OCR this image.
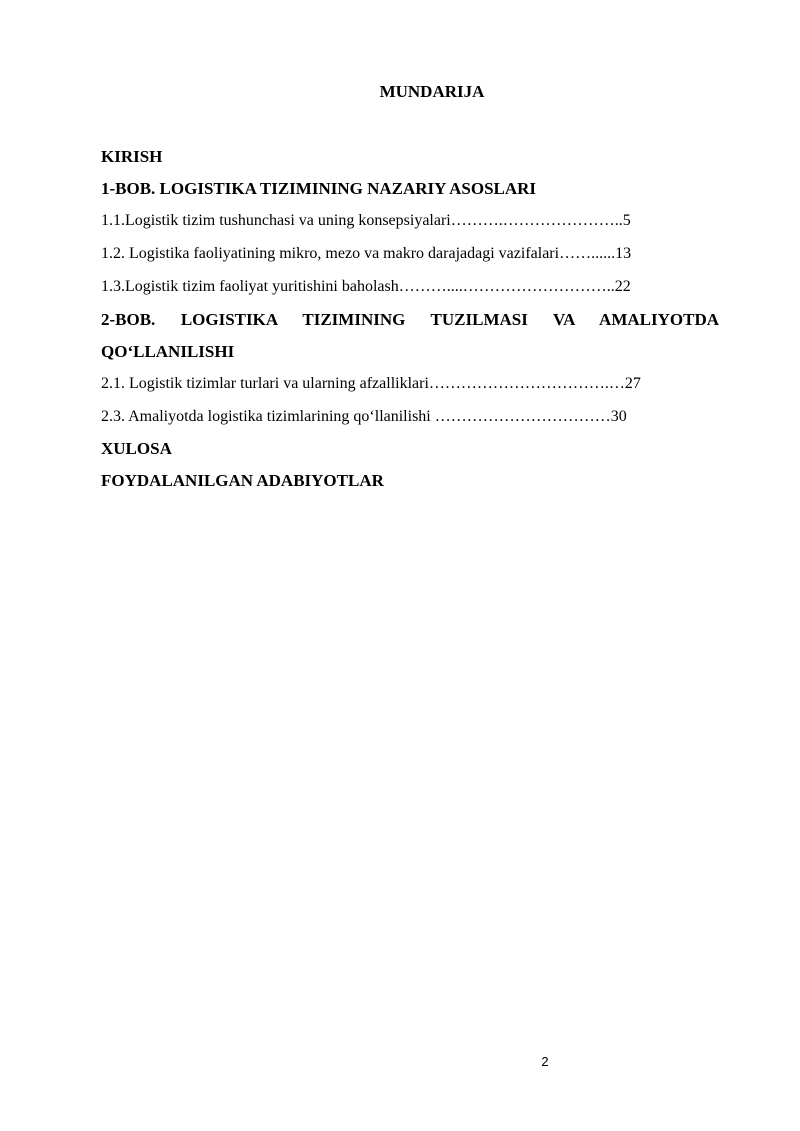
MUNDARIJA
KIRISH
1-BOB. LOGISTIKA TIZIMINING NAZARIY ASOSLARI
1.1.Logistik tizim tushunchasi va uning konsepsiyalari……….…………………..5
1.2. Logistika faoliyatining mikro, mezo va makro darajadagi vazifalari……......13
1.3.Logistik tizim faoliyat yuritishini baholash………....………………………..22
2-BOB. LOGISTIKA TIZIMINING TUZILMASI VA AMALIYOTDA
QO‘LLANILISHI
2.1. Logistik tizimlar turlari va ularning afzalliklari…………………………….…27
2.3. Amaliyotda logistika tizimlarining qo‘llanilishi ……………………………30
XULOSA
FOYDALANILGAN ADABIYOTLAR
2
